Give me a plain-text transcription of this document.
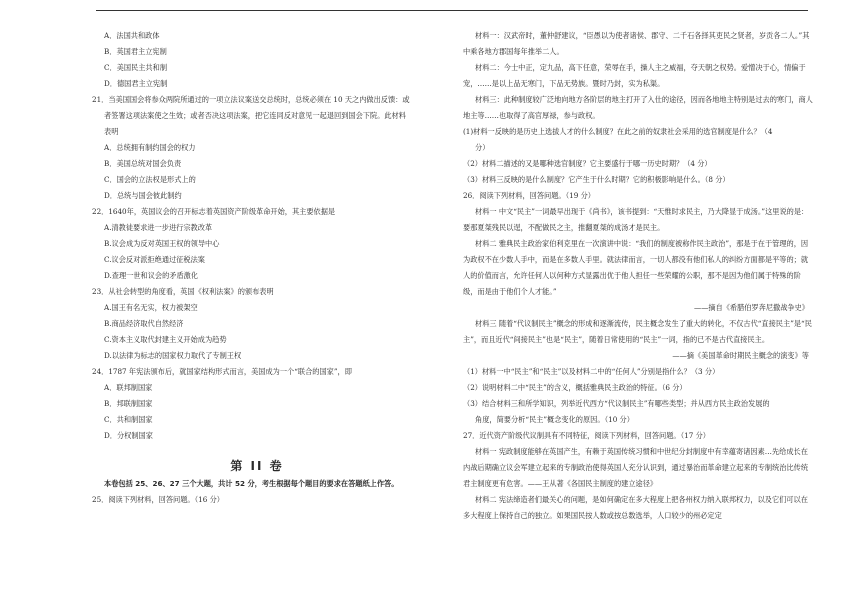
A．法国共和政体
B．英国君主立宪制
C．美国民主共和制
D．德国君主立宪制
21．当美国国会将参众两院所通过的一项立法议案送交总统时，总统必须在 10 天之内做出反馈：或
者签署这项法案使之生效；或者否决这项法案，把它连同反对意见一起退回到国会下院。此材料
表明
A．总统拥有制约国会的权力
B．美国总统对国会负责
C．国会的立法权是形式上的
D．总统与国会彼此制约
22．1640年，英国议会的召开标志着英国资产阶级革命开始，其主要依据是
A.清教徒要求进一步进行宗教改革
B.议会成为反对英国王权的领导中心
C.议会反对派拒绝通过征税法案
D.查理一世和议会的矛盾激化
23．从社会转型的角度看，英国《权利法案》的颁布表明
A.国王有名无实，权力被架空
B.商品经济取代自然经济
C.资本主义取代封建主义开始成为趋势
D.以法律为标志的国家权力取代了专制王权
24．1787 年宪法颁布后，就国家结构形式而言，美国成为一个“联合的国家”，即
A．联邦制国家
B．邦联制国家
C．共和制国家
D．分权制国家
第 II 卷
本卷包括 25、26、27 三个大题，共计 52 分，考生根据每个题目的要求在答题纸上作答。
25．阅读下列材料，回答问题。（16 分）
材料一：汉武帝时，董仲舒建议，“臣愚以为使者诸侯、郡守、二千石各择其吏民之贤者，岁贡各二人。”其中乘各地方郡国每年推举二人。
材料二：今士中正，定九品，高下任意，荣辱在手，操人主之威福，夺天朝之权势。爱憎决于心，情偏于宠，……是以上品无寒门，下品无势族。暨时乃封，实为私渠。
材料三：此种制度较广泛地向地方各阶层的地主打开了入仕的途径，因而各地地主特别是过去的寒门，商人地主等……也取得了高官厚禄，参与政权。
(1)材料一反映的是历史上选拔人才的什么制度？在此之前的奴隶社会采用的选官制度是什么？（4
分）
（2）材料二描述的又是哪种选官制度？它主要盛行于哪一历史时期？（4 分）
（3）材料三反映的是什么制度？它产生于什么时期？它的积极影响是什么。（8 分）
26．阅读下列材料，回答问题。（19 分）
材料一 中文“民主”一词最早出现于《尚书》，该书提到：“天惟时求民主，乃大降显于成汤。”这里说的是：要那夏桀残民以逞，不配做民之主，推翻夏桀的成汤才是民主。
材料二 雅典民主政治家伯利克里在一次演讲中说：“我们的制度被称作民主政治”，那是于在于管理的，因为政权不在少数人手中，而是在多数人手里。就法律而言，一切人都没有他们私人的纠纷方面都是平等的；就人的价值而言，允许任何人以何种方式显露出优于他人担任一些荣耀的公职，那不是因为他们属于特殊的阶级，而是由于他们个人才能。”
——摘自《希腊伯罗奔尼撒战争史》
材料三 随着“代议制民主”概念的形成和逐渐流传，民主概念发生了重大的转化，不仅古代“直接民主”是“民主”，而且近代“间接民主”也是“民主”，随着日常使用的“民主”一词，指的已不是古代直接民主。
——摘《美国革命时期民主概念的演变》等
（1）材料一中“民主”和“民主”以及材料二中的“任何人”分别是指什么？（3 分）
（2）说明材料二中“民主”的含义，概括雅典民主政治的特征。（6 分）
（3）结合材料三和所学知识，列举近代西方“代议制民主”有哪些类型；并从西方民主政治发展的
角度，简要分析“民主”概念变化的原因。（10 分）
27．近代资产阶级代议制具有不同特征，阅读下列材料，回答问题。（17 分）
材料一 宪政制度能够在英国产生，有赖于英国传统习惯和中世纪分封制度中有幸蕴寄诸因素…先给成长在内战后期确立议会军建立起来的专制政治使得英国人充分认识到，通过暴治而革命建立起来的专制统治比传统君主制度更有危害。——王从著《各国民主制度的建立途径》
材料二 宪法缔造者们最关心的问题，是如何确定在多大程度上把各州权力纳入联邦权力，以及它们可以在多大程度上保持自己的独立。如果国民按人数或按总数选举，人口较少的州必定定
